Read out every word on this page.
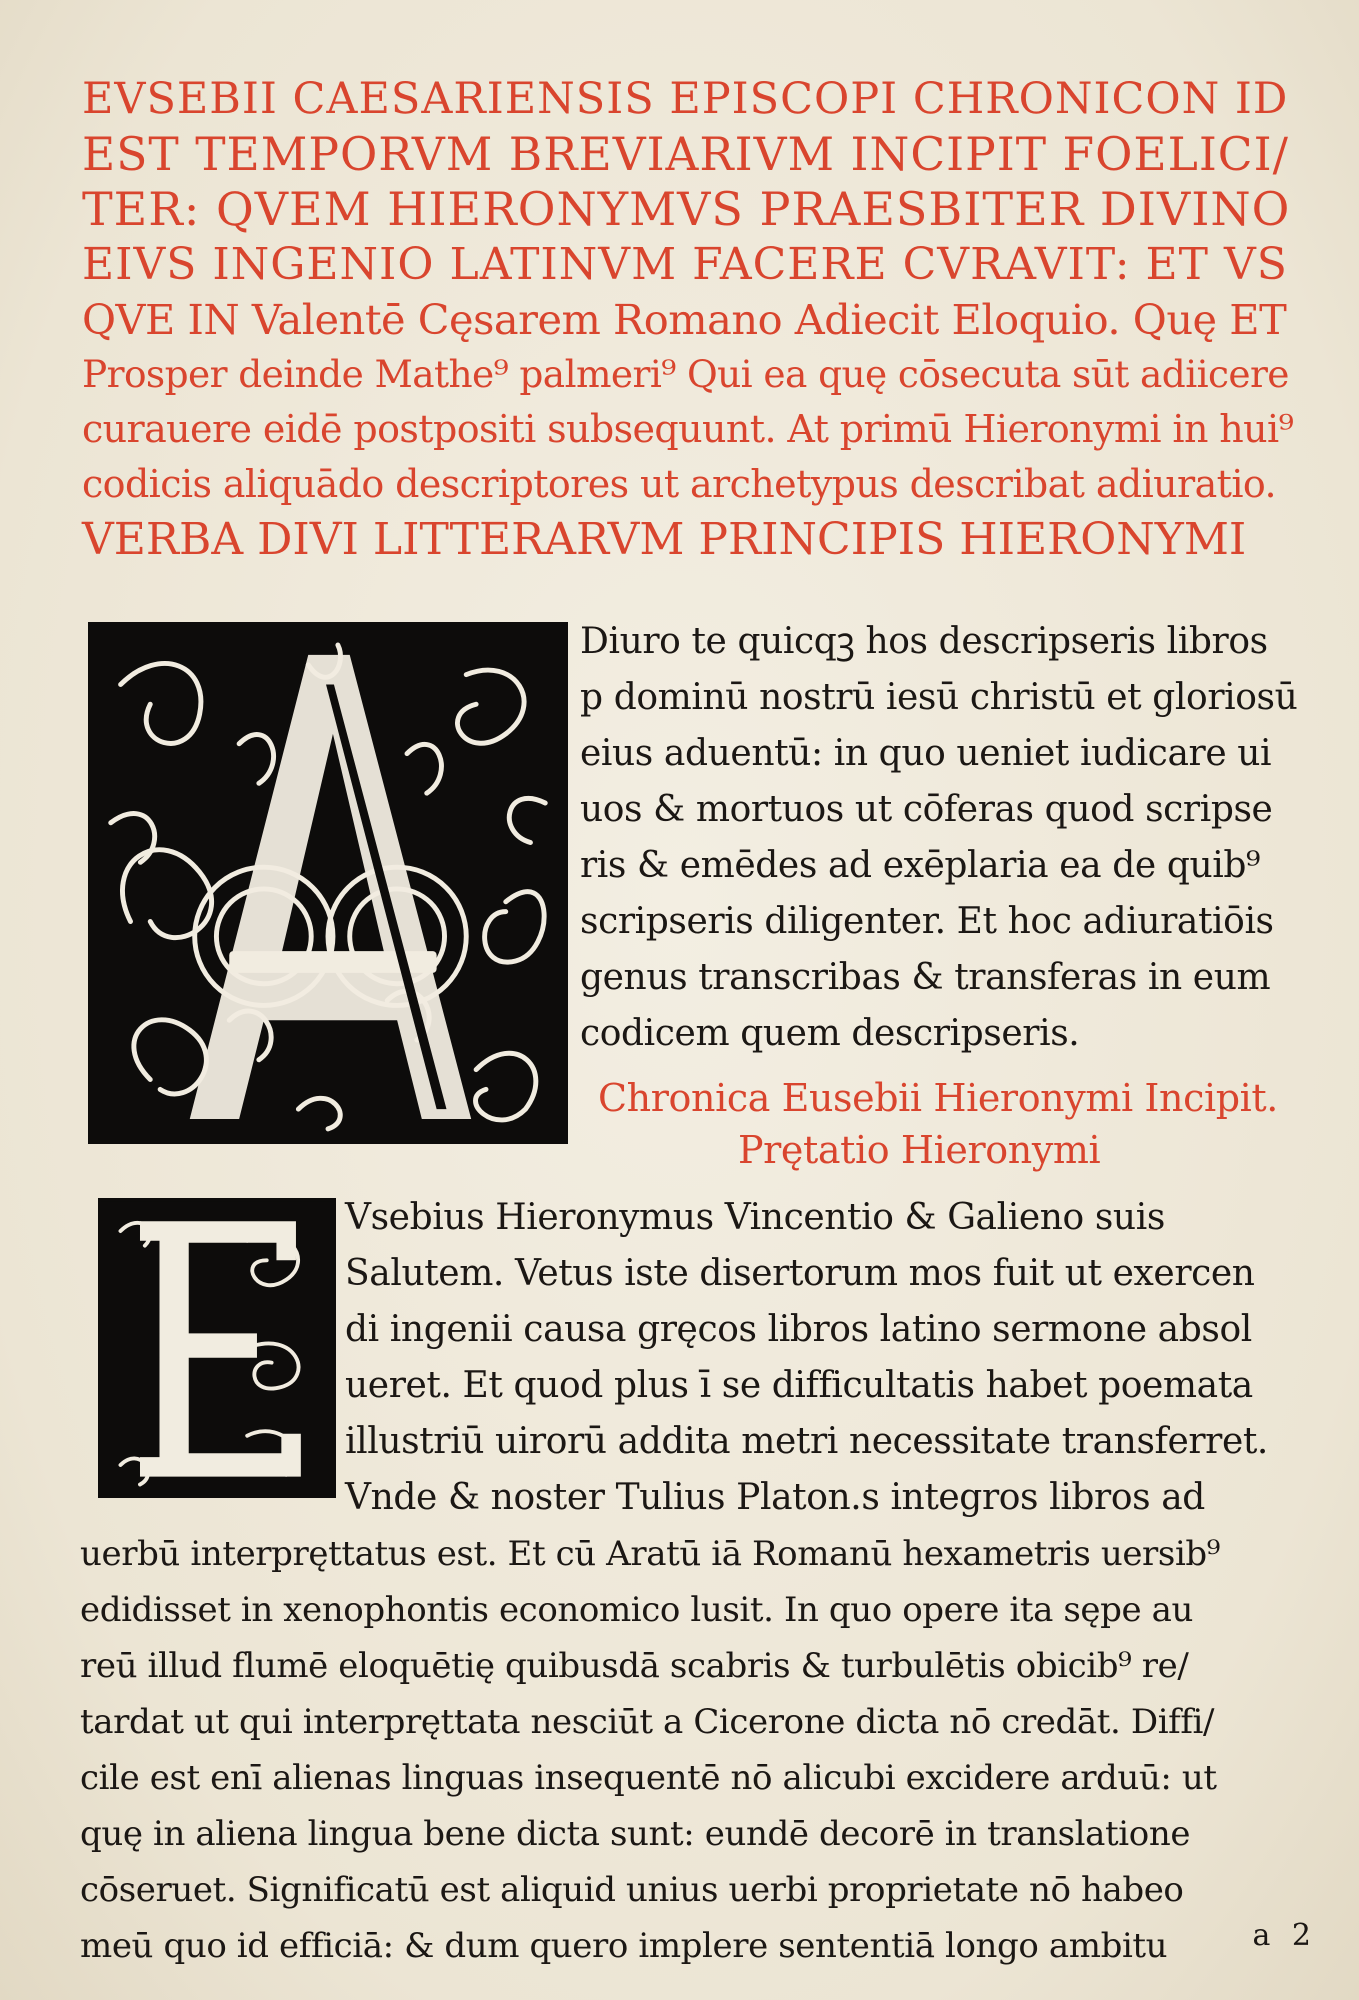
EVSEBII CAESARIENSIS EPISCOPI CHRONICON ID
EST TEMPORVM BREVIARIVM INCIPIT FOELICI/
TER: QVEM HIERONYMVS PRAESBITER DIVINO
EIVS INGENIO LATINVM FACERE CVRAVIT: ET VS
QVE IN Valentē Cęsarem Romano Adiecit Eloquio. Quę ET
Prosper deinde Mathe⁹ palmeri⁹ Qui ea quę cōsecuta sūt adiicere
curauere eidē postpositi subsequunt. At primū Hieronymi in hui⁹
codicis aliquādo descriptores ut archetypus describat adiuratio.
VERBA DIVI LITTERARVM PRINCIPIS HIERONYMI
Diuro te quicqꝫ hos descripseris libros
p dominū nostrū iesū christū et gloriosū
eius aduentū: in quo ueniet iudicare ui
uos & mortuos ut cōferas quod scripse
ris & emēdes ad exēplaria ea de quib⁹
scripseris diligenter. Et hoc adiuratiōis
genus transcribas & transferas in eum
codicem quem descripseris.
Chronica Eusebii Hieronymi Incipit.
Prętatio Hieronymi
Vsebius Hieronymus Vincentio & Galieno suis
Salutem. Vetus iste disertorum mos fuit ut exercen
di ingenii causa gręcos libros latino sermone absol
ueret. Et quod plus ī se difficultatis habet poemata
illustriū uirorū addita metri necessitate transferret.
Vnde & noster Tulius Platon.s integros libros ad
uerbū interpręttatus est. Et cū Aratū iā Romanū hexametris uersib⁹
edidisset in xenophontis economico lusit. In quo opere ita sępe au
reū illud flumē eloquētię quibusdā scabris & turbulētis obicib⁹ re/
tardat ut qui interpręttata nesciūt a Cicerone dicta nō credāt. Diffi/
cile est enī alienas linguas insequentē nō alicubi excidere arduū: ut
quę in aliena lingua bene dicta sunt: eundē decorē in translatione
cōseruet. Significatū est aliquid unius uerbi proprietate nō habeo
meū quo id efficiā: & dum quero implere sententiā longo ambitu	a 2
